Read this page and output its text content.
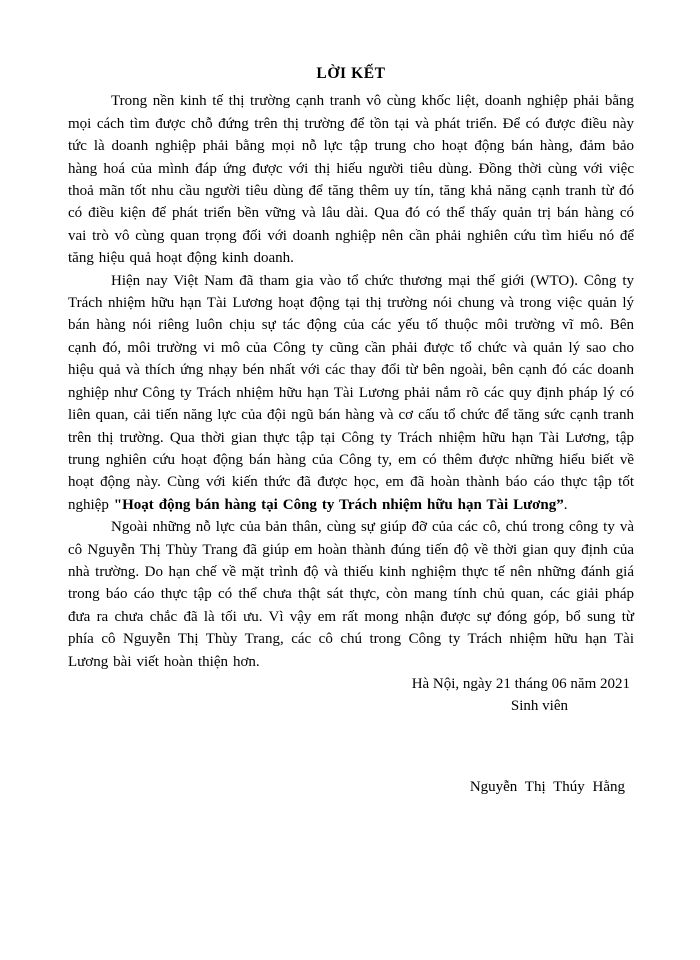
LỜI KẾT

Trong nền kinh tế thị trường cạnh tranh vô cùng khốc liệt, doanh nghiệp phải bằng mọi cách tìm được chỗ đứng trên thị trường để tồn tại và phát triển. Để có được điều này tức là doanh nghiệp phải bằng mọi nỗ lực tập trung cho hoạt động bán hàng, đảm bảo hàng hoá của mình đáp ứng được với thị hiếu người tiêu dùng. Đồng thời cùng với việc thoả mãn tốt nhu cầu người tiêu dùng để tăng thêm uy tín, tăng khả năng cạnh tranh từ đó có điều kiện để phát triển bền vững và lâu dài. Qua đó có thể thấy quản trị bán hàng có vai trò vô cùng quan trọng đối với doanh nghiệp nên cần phải nghiên cứu tìm hiểu nó để tăng hiệu quả hoạt động kinh doanh.

Hiện nay Việt Nam đã tham gia vào tổ chức thương mại thế giới (WTO). Công ty Trách nhiệm hữu hạn Tài Lương hoạt động tại thị trường nói chung và trong việc quản lý bán hàng nói riêng luôn chịu sự tác động của các yếu tố thuộc môi trường vĩ mô. Bên cạnh đó, môi trường vi mô của Công ty cũng cần phải được tổ chức và quản lý sao cho hiệu quả và thích ứng nhạy bén nhất với các thay đổi từ bên ngoài, bên cạnh đó các doanh nghiệp như Công ty Trách nhiệm hữu hạn Tài Lương phải nắm rõ các quy định pháp lý có liên quan, cải tiến năng lực của đội ngũ bán hàng và cơ cấu tổ chức để tăng sức cạnh tranh trên thị trường. Qua thời gian thực tập tại Công ty Trách nhiệm hữu hạn Tài Lương, tập trung nghiên cứu hoạt động bán hàng của Công ty, em có thêm được những hiểu biết về hoạt động này. Cùng với kiến thức đã được học, em đã hoàn thành báo cáo thực tập tốt nghiệp "Hoạt động bán hàng tại Công ty Trách nhiệm hữu hạn Tài Lương”.

Ngoài những nỗ lực của bản thân, cùng sự giúp đỡ của các cô, chú trong công ty và cô Nguyễn Thị Thùy Trang đã giúp em hoàn thành đúng tiến độ về thời gian quy định của nhà trường. Do hạn chế về mặt trình độ và thiếu kinh nghiệm thực tế nên những đánh giá trong báo cáo thực tập có thể chưa thật sát thực, còn mang tính chủ quan, các giải pháp đưa ra chưa chắc đã là tối ưu. Vì vậy em rất mong nhận được sự đóng góp, bổ sung từ phía cô Nguyễn Thị Thùy Trang, các cô chú trong Công ty Trách nhiệm hữu hạn Tài Lương bài viết hoàn thiện hơn.

Hà Nội, ngày 21 tháng 06 năm 2021

Sinh viên

Nguyễn Thị Thúy Hằng
